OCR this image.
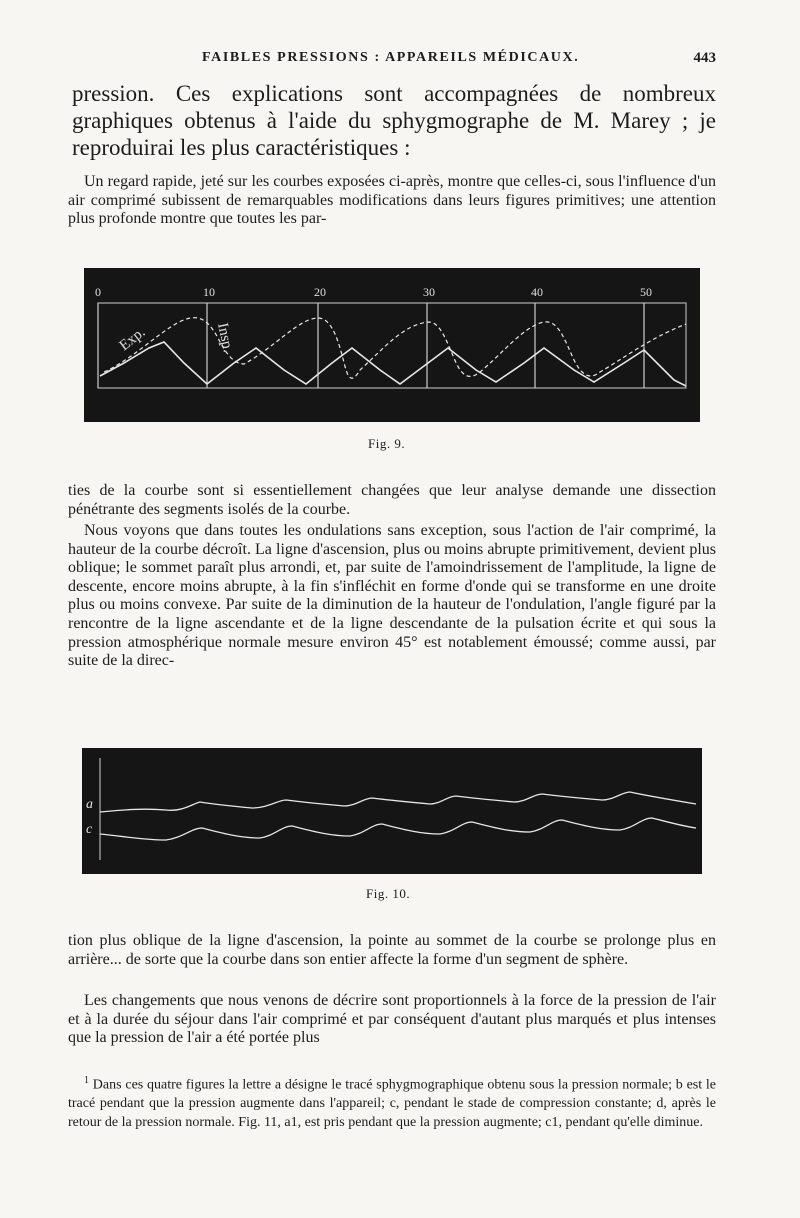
FAIBLES PRESSIONS : APPAREILS MÉDICAUX.	443
pression. Ces explications sont accompagnées de nombreux graphiques obtenus à l'aide du sphygmographe de M. Marey ; je reproduirai les plus caractéristiques :

Un regard rapide, jeté sur les courbes exposées ci-après, montre que celles-ci, sous l'influence d'un air comprimé subissent de remarquables modifications dans leurs figures primitives; une attention plus profonde montre que toutes les par-

0	10	20	30	40	50
Exp.	Insp.
Fig. 9.

ties de la courbe sont si essentiellement changées que leur analyse demande une dissection pénétrante des segments isolés de la courbe.

Nous voyons que dans toutes les ondulations sans exception, sous l'action de l'air comprimé, la hauteur de la courbe décroît. La ligne d'ascension, plus ou moins abrupte primitivement, devient plus oblique; le sommet paraît plus arrondi, et, par suite de l'amoindrissement de l'amplitude, la ligne de descente, encore moins abrupte, à la fin s'infléchit en forme d'onde qui se transforme en une droite plus ou moins convexe. Par suite de la diminution de la hauteur de l'ondulation, l'angle figuré par la rencontre de la ligne ascendante et de la ligne descendante de la pulsation écrite et qui sous la pression atmosphérique normale mesure environ 45° est notablement émoussé; comme aussi, par suite de la direc-

a
c
Fig. 10.

tion plus oblique de la ligne d'ascension, la pointe au sommet de la courbe se prolonge plus en arrière... de sorte que la courbe dans son entier affecte la forme d'un segment de sphère.

Les changements que nous venons de décrire sont proportionnels à la force de la pression de l'air et à la durée du séjour dans l'air comprimé et par conséquent d'autant plus marqués et plus intenses que la pression de l'air a été portée plus

$^1$ Dans ces quatre figures la lettre a désigne le tracé sphygmographique obtenu sous la pression normale; b est le tracé pendant que la pression augmente dans l'appareil; c, pendant le stade de compression constante; d, après le retour de la pression normale. Fig. 11, a1, est pris pendant que la pression augmente; c1, pendant qu'elle diminue.
